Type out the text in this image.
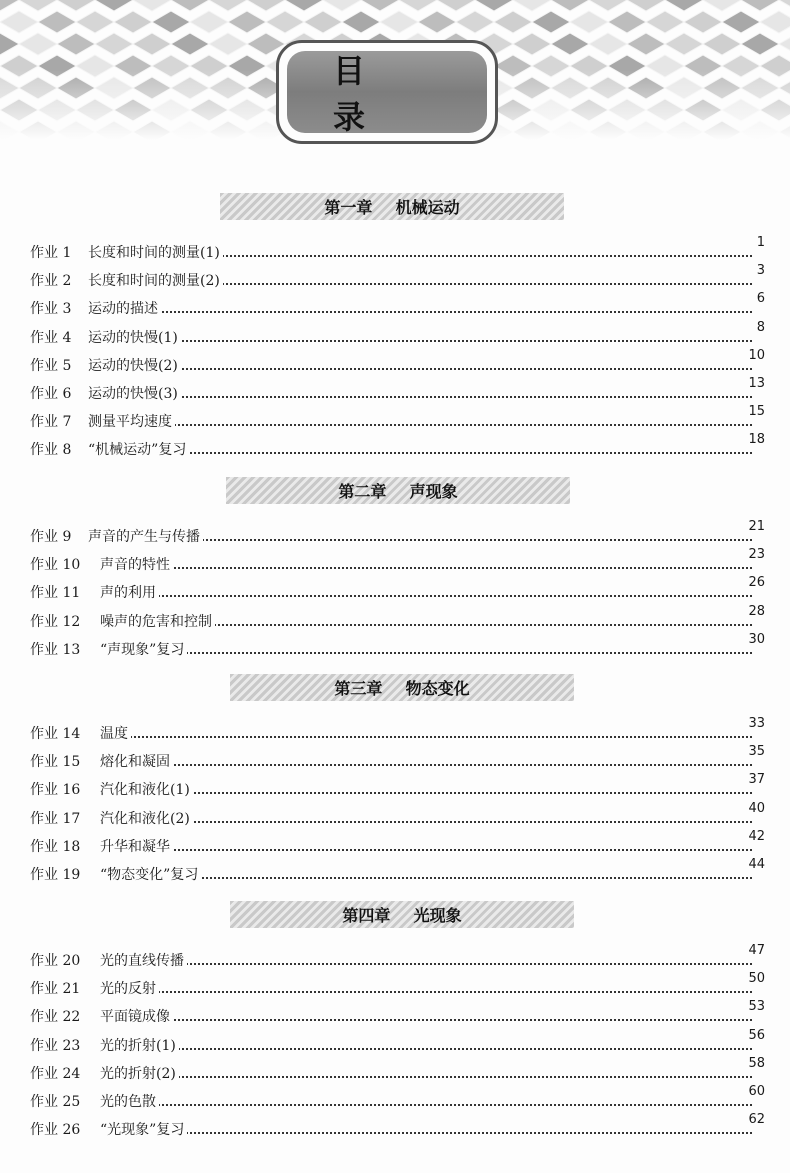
目录
第一章  机械运动
作业 1 长度和时间的测量(1)
1
作业 2 长度和时间的测量(2)
3
作业 3 运动的描述
6
作业 4 运动的快慢(1)
8
作业 5 运动的快慢(2)
10
作业 6 运动的快慢(3)
13
作业 7 测量平均速度
15
作业 8 “机械运动”复习
18
第二章  声现象
作业 9 声音的产生与传播
21
作业 10 声音的特性
23
作业 11 声的利用
26
作业 12 噪声的危害和控制
28
作业 13 “声现象”复习
30
第三章  物态变化
作业 14 温度
33
作业 15 熔化和凝固
35
作业 16 汽化和液化(1)
37
作业 17 汽化和液化(2)
40
作业 18 升华和凝华
42
作业 19 “物态变化”复习
44
第四章  光现象
作业 20 光的直线传播
47
作业 21 光的反射
50
作业 22 平面镜成像
53
作业 23 光的折射(1)
56
作业 24 光的折射(2)
58
作业 25 光的色散
60
作业 26 “光现象”复习
62
